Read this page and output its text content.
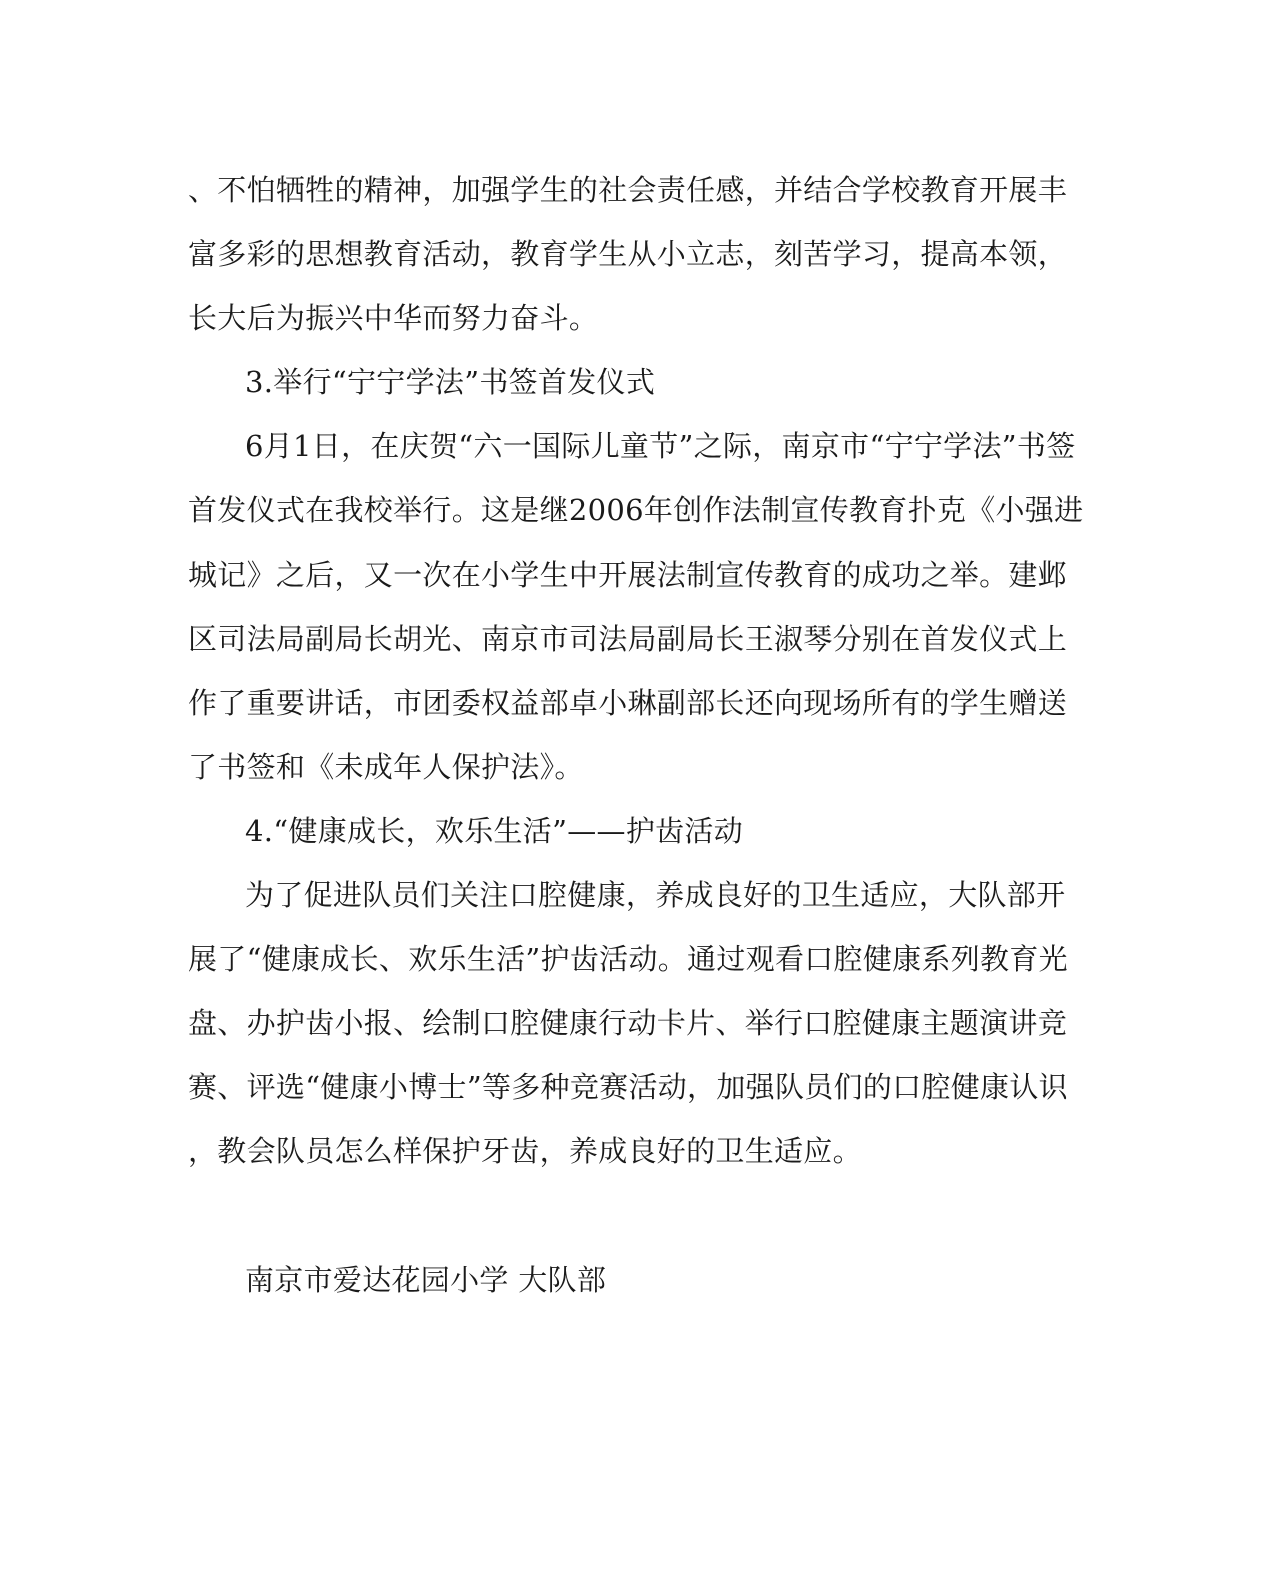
、不怕牺牲的精神，加强学生的社会责任感，并结合学校教育开展丰
富多彩的思想教育活动，教育学生从小立志，刻苦学习，提高本领，
长大后为振兴中华而努力奋斗。
3.举行“宁宁学法”书签首发仪式
6月1日，在庆贺“六一国际儿童节”之际，南京市“宁宁学法”书签
首发仪式在我校举行。这是继2006年创作法制宣传教育扑克《小强进
城记》之后，又一次在小学生中开展法制宣传教育的成功之举。建邺
区司法局副局长胡光、南京市司法局副局长王淑琴分别在首发仪式上
作了重要讲话，市团委权益部卓小琳副部长还向现场所有的学生赠送
了书签和《未成年人保护法》。
4.“健康成长，欢乐生活”——护齿活动
为了促进队员们关注口腔健康，养成良好的卫生适应，大队部开
展了“健康成长、欢乐生活”护齿活动。通过观看口腔健康系列教育光
盘、办护齿小报、绘制口腔健康行动卡片、举行口腔健康主题演讲竞
赛、评选“健康小博士”等多种竞赛活动，加强队员们的口腔健康认识
，教会队员怎么样保护牙齿，养成良好的卫生适应。
南京市爱达花园小学 大队部
